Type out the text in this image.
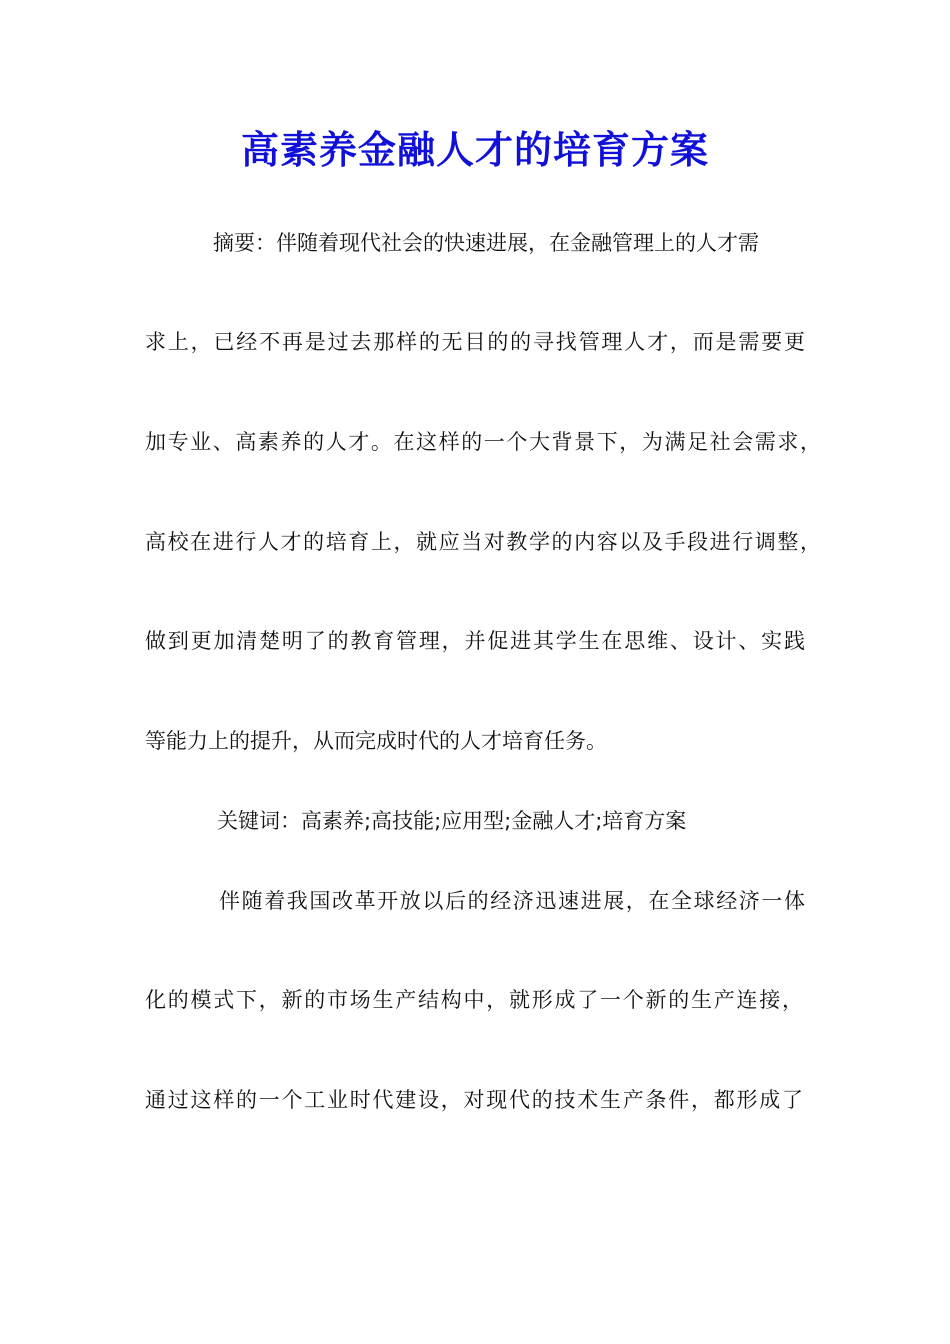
高素养金融人才的培育方案

摘要：伴随着现代社会的快速进展，在金融管理上的人才需

求上，已经不再是过去那样的无目的的寻找管理人才，而是需要更

加专业、高素养的人才。在这样的一个大背景下，为满足社会需求，

高校在进行人才的培育上，就应当对教学的内容以及手段进行调整，

做到更加清楚明了的教育管理，并促进其学生在思维、设计、实践

等能力上的提升，从而完成时代的人才培育任务。

关键词：高素养;高技能;应用型;金融人才;培育方案

伴随着我国改革开放以后的经济迅速进展，在全球经济一体

化的模式下，新的市场生产结构中，就形成了一个新的生产连接，

通过这样的一个工业时代建设，对现代的技术生产条件，都形成了
